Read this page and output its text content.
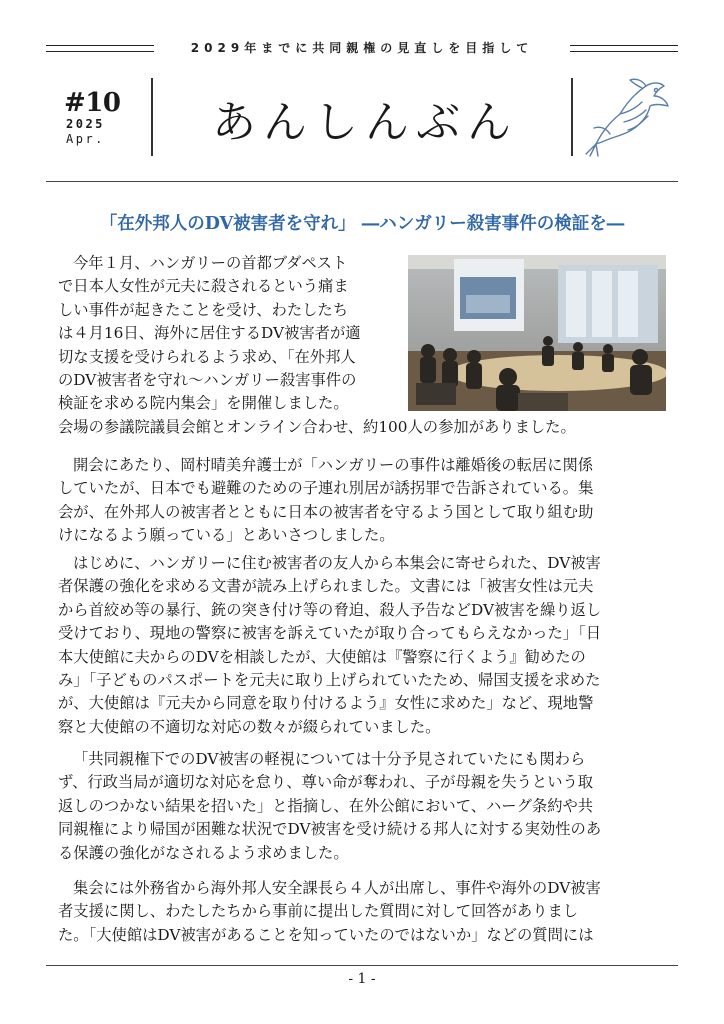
2029年までに共同親権の見直しを目指して
#10
2025
Apr.	あんしんぶん
「在外邦人のDV被害者を守れ」 ―ハンガリー殺害事件の検証を―
今年１月、ハンガリーの首都ブダペスト
で日本人女性が元夫に殺されるという痛ま
しい事件が起きたことを受け、わたしたち
は４月16日、海外に居住するDV被害者が適
切な支援を受けられるよう求め、「在外邦人
のDV被害者を守れ～ハンガリー殺害事件の
検証を求める院内集会」を開催しました。
会場の参議院議員会館とオンライン合わせ、約100人の参加がありました。
開会にあたり、岡村晴美弁護士が「ハンガリーの事件は離婚後の転居に関係
していたが、日本でも避難のための子連れ別居が誘拐罪で告訴されている。集
会が、在外邦人の被害者とともに日本の被害者を守るよう国として取り組む助
けになるよう願っている」とあいさつしました。
はじめに、ハンガリーに住む被害者の友人から本集会に寄せられた、DV被害
者保護の強化を求める文書が読み上げられました。文書には「被害女性は元夫
から首絞め等の暴行、銃の突き付け等の脅迫、殺人予告などDV被害を繰り返し
受けており、現地の警察に被害を訴えていたが取り合ってもらえなかった」「日
本大使館に夫からのDVを相談したが、大使館は『警察に行くよう』勧めたの
み」「子どものパスポートを元夫に取り上げられていたため、帰国支援を求めた
が、大使館は『元夫から同意を取り付けるよう』女性に求めた」など、現地警
察と大使館の不適切な対応の数々が綴られていました。
「共同親権下でのDV被害の軽視については十分予見されていたにも関わら
ず、行政当局が適切な対応を怠り、尊い命が奪われ、子が母親を失うという取
返しのつかない結果を招いた」と指摘し、在外公館において、ハーグ条約や共
同親権により帰国が困難な状況でDV被害を受け続ける邦人に対する実効性のあ
る保護の強化がなされるよう求めました。
集会には外務省から海外邦人安全課長ら４人が出席し、事件や海外のDV被害
者支援に関し、わたしたちから事前に提出した質問に対して回答がありまし
た。「大使館はDV被害があることを知っていたのではないか」などの質問には
- 1 -
